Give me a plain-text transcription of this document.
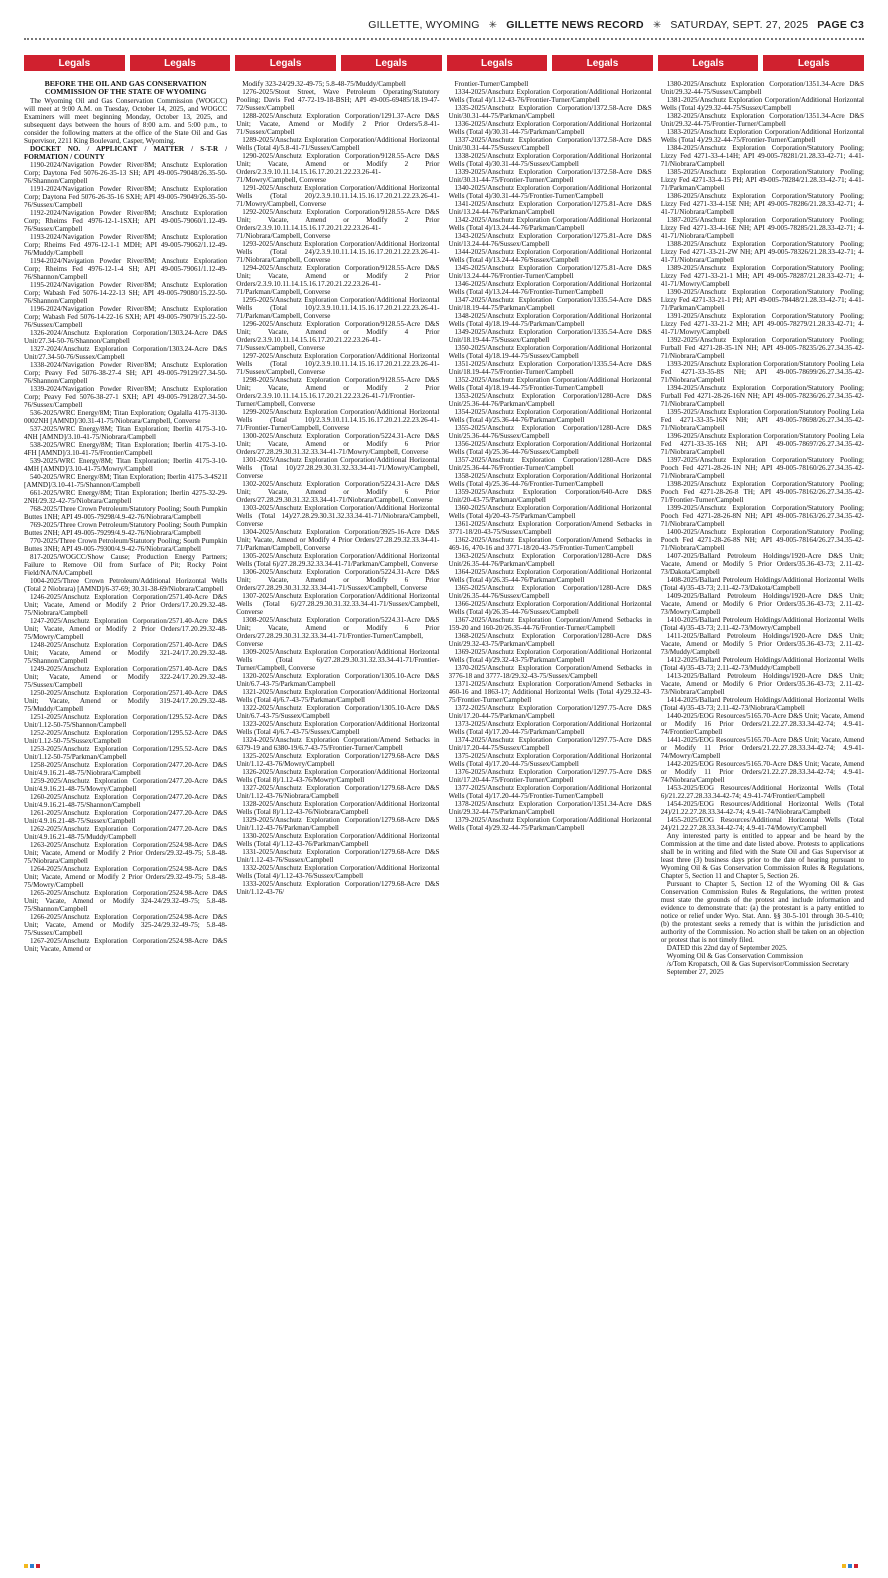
GILLETTE, WYOMING ✳ GILLETTE NEWS RECORD ✳ SATURDAY, SEPT. 27, 2025 PAGE C3
Legals	Legals	Legals	Legals	Legals	Legals	Legals	Legals

BEFORE THE OIL AND GAS CONSERVATION COMMISSION OF THE STATE OF WYOMING

The Wyoming Oil and Gas Conservation Commission (WOGCC) will meet at 9:00 A.M. on Tuesday, October 14, 2025, and WOGCC Examiners will meet beginning Monday, October 13, 2025, and subsequent days between the hours of 8:00 a.m. and 5:00 p.m., to consider the following matters at the office of the State Oil and Gas Supervisor, 2211 King Boulevard, Casper, Wyoming.

DOCKET NO. / APPLICANT / MATTER / S-T-R / FORMATION / COUNTY

1190-2024/Navigation Powder River/8M; Anschutz Exploration Corp; Daytona Fed 5076-26-35-13 SH; API 49-005-79048/26.35-50-76/Shannon/Campbell

1191-2024/Navigation Powder River/8M; Anschutz Exploration Corp; Daytona Fed 5076-26-35-16 SXH; API 49-005-79049/26.35-50-76/Sussex/Campbell

1192-2024/Navigation Powder River/8M; Anschutz Exploration Corp; Rheims Fed 4976-12-1-1SXH; API 49-005-79060/1.12-49-76/Sussex/Campbell

1193-2024/Navigation Powder River/8M; Anschutz Exploration Corp; Rheims Fed 4976-12-1-1 MDH; API 49-005-79062/1.12-49-76/Muddy/Campbell

1194-2024/Navigation Powder River/8M; Anschutz Exploration Corp; Rheims Fed 4976-12-1-4 SH; API 49-005-79061/1.12-49-76/Shannon/Campbell

1195-2024/Navigation Powder River/8M; Anschutz Exploration Corp; Wabash Fed 5076-14-22-13 SH; API 49-005-79080/15.22-50-76/Shannon/Campbell

1196-2024/Navigation Powder River/8M; Anschutz Exploration Corp; Wabash Fed 5076-14-22-16 SXH; API 49-005-79079/15.22-50-76/Sussex/Campbell

1326-2024/Anschutz Exploration Corporation/1303.24-Acre D&S Unit/27.34-50-76/Shannon/Campbell

1327-2024/Anschutz Exploration Corporation/1303.24-Acre D&S Unit/27.34-50-76/Sussex/Campbell

1338-2024/Navigation Powder River/8M; Anschutz Exploration Corp; Peavy Fed 5076-38-27-4 SH; API 49-005-79129/27.34-50-76/Shannon/Campbell

1339-2024/Navigation Powder River/8M; Anschutz Exploration Corp; Peavy Fed 5076-38-27-1 SXH; API 49-005-79128/27.34-50-76/Sussex/Campbell

536-2025/WRC Energy/8M; Titan Exploration; Ogalalla 4175-3130-0002NH [AMND]/30.31-41-75/Niobrara/Campbell, Converse

537-2025/WRC Energy/8M; Titan Exploration; Iberlin 4175-3-10-4NH [AMND]/3.10-41-75/Niobrara/Campbell

538-2025/WRC Energy/8M; Titan Exploration; Iberlin 4175-3-10-4FH [AMND]/3.10-41-75/Frontier/Campbell

539-2025/WRC Energy/8M; Titan Exploration; Iberlin 4175-3-10-4MH [AMND]/3.10-41-75/Mowry/Campbell

540-2025/WRC Energy/8M; Titan Exploration; Iberlin 4175-3-4S21I [AMND]/3.10-41-75/Shannon/Campbell

661-2025/WRC Energy/8M; Titan Exploration; Iberlin 4275-32-29-2NH/29.32-42-75/Niobrara/Campbell

768-2025/Three Crown Petroleum/Statutory Pooling; South Pumpkin Buttes 1NH; API 49-005-79298/4.9-42-76/Niobrara/Campbell

769-2025/Three Crown Petroleum/Statutory Pooling; South Pumpkin Buttes 2NH; API 49-005-79299/4.9-42-76/Niobrara/Campbell

770-2025/Three Crown Petroleum/Statutory Pooling; South Pumpkin Buttes 3NH; API 49-005-79300/4.9-42-76/Niobrara/Campbell

817-2025/WOGCC/Show Cause; Production Energy Partners; Failure to Remove Oil from Surface of Pit; Rocky Point Field/NA/NA/Campbell

1004-2025/Three Crown Petroleum/Additional Horizontal Wells (Total 2 Niobrara) [AMND]/6-37-69; 30.31-38-69/Niobrara/Campbell

1246-2025/Anschutz Exploration Corporation/2571.40-Acre D&S Unit; Vacate, Amend or Modify 2 Prior Orders/17.20.29.32-48-75/Niobrara/Campbell

1247-2025/Anschutz Exploration Corporation/2571.40-Acre D&S Unit; Vacate, Amend or Modify 2 Prior Orders/17.20.29.32-48-75/Mowry/Campbell

1248-2025/Anschutz Exploration Corporation/2571.40-Acre D&S Unit; Vacate, Amend or Modify 321-24/17.20.29.32-48-75/Shannon/Campbell

1249-2025/Anschutz Exploration Corporation/2571.40-Acre D&S Unit; Vacate, Amend or Modify 322-24/17.20.29.32-48-75/Sussex/Campbell

1250-2025/Anschutz Exploration Corporation/2571.40-Acre D&S Unit; Vacate, Amend or Modify 319-24/17.20.29.32-48-75/Muddy/Campbell

1251-2025/Anschutz Exploration Corporation/1295.52-Acre D&S Unit/1.12-50-75/Shannon/Campbell

1252-2025/Anschutz Exploration Corporation/1295.52-Acre D&S Unit/1.12-50-75/Sussex/Campbell

1253-2025/Anschutz Exploration Corporation/1295.52-Acre D&S Unit/1.12-50-75/Parkman/Campbell

1258-2025/Anschutz Exploration Corporation/2477.20-Acre D&S Unit/4.9.16.21-48-75/Niobrara/Campbell

1259-2025/Anschutz Exploration Corporation/2477.20-Acre D&S Unit/4.9.16.21-48-75/Mowry/Campbell

1260-2025/Anschutz Exploration Corporation/2477.20-Acre D&S Unit/4.9.16.21-48-75/Shannon/Campbell

1261-2025/Anschutz Exploration Corporation/2477.20-Acre D&S Unit/4.9.16.21-48-75/Sussex/Campbell

1262-2025/Anschutz Exploration Corporation/2477.20-Acre D&S Unit/4.9.16.21-48-75/Muddy/Campbell

1263-2025/Anschutz Exploration Corporation/2524.98-Acre D&S Unit; Vacate, Amend or Modify 2 Prior Orders/29.32-49-75; 5.8-48-75/Niobrara/Campbell

1264-2025/Anschutz Exploration Corporation/2524.98-Acre D&S Unit; Vacate, Amend or Modify 2 Prior Orders/29.32-49-75; 5.8-48-75/Mowry/Campbell

1265-2025/Anschutz Exploration Corporation/2524.98-Acre D&S Unit; Vacate, Amend or Modify 324-24/29.32-49-75; 5.8-48-75/Shannon/Campbell

1266-2025/Anschutz Exploration Corporation/2524.98-Acre D&S Unit; Vacate, Amend or Modify 325-24/29.32-49-75; 5.8-48-75/Sussex/Campbell

1267-2025/Anschutz Exploration Corporation/2524.98-Acre D&S Unit; Vacate, Amend or

Modify 323-24/29.32-49-75; 5.8-48-75/Muddy/Campbell

1276-2025/Stout Street, Wave Petroleum Operating/Statutory Pooling; Davis Fed 47-72-19-18-BSH; API 49-005-69485/18.19-47-72/Sussex/Campbell

1288-2025/Anschutz Exploration Corporation/1291.37-Acre D&S Unit; Vacate, Amend or Modify 2 Prior Orders/5.8-41-71/Sussex/Campbell

1289-2025/Anschutz Exploration Corporation/Additional Horizontal Wells (Total 4)/5.8-41-71/Sussex/Campbell

1290-2025/Anschutz Exploration Corporation/9128.55-Acre D&S Unit; Vacate, Amend or Modify 2 Prior Orders/2.3.9.10.11.14.15.16.17.20.21.22.23.26-41-71/Mowry/Campbell, Converse

1291-2025/Anschutz Exploration Corporation/Additional Horizontal Wells (Total 20)/2.3.9.10.11.14.15.16.17.20.21.22.23.26-41-71/Mowry/Campbell, Converse

1292-2025/Anschutz Exploration Corporation/9128.55-Acre D&S Unit; Vacate, Amend or Modify 2 Prior Orders/2.3.9.10.11.14.15.16.17.20.21.22.23.26-41-71/Niobrara/Campbell, Converse

1293-2025/Anschutz Exploration Corporation/Additional Horizontal Wells (Total 24)/2.3.9.10.11.14.15.16.17.20.21.22.23.26-41-71/Niobrara/Campbell, Converse

1294-2025/Anschutz Exploration Corporation/9128.55-Acre D&S Unit; Vacate, Amend or Modify 2 Prior Orders/2.3.9.10.11.14.15.16.17.20.21.22.23.26-41-71/Parkman/Campbell, Converse

1295-2025/Anschutz Exploration Corporation/Additional Horizontal Wells (Total 10)/2.3.9.10.11.14.15.16.17.20.21.22.23.26-41-71/Parkman/Campbell, Converse

1296-2025/Anschutz Exploration Corporation/9128.55-Acre D&S Unit; Vacate, Amend or Modify 4 Prior Orders/2.3.9.10.11.14.15.16.17.20.21.22.23.26-41-71/Sussex/Campbell, Converse

1297-2025/Anschutz Exploration Corporation/Additional Horizontal Wells (Total 10)/2.3.9.10.11.14.15.16.17.20.21.22.23.26-41-71/Sussex/Campbell, Converse

1298-2025/Anschutz Exploration Corporation/9128.55-Acre D&S Unit; Vacate, Amend or Modify 2 Prior Orders/2.3.9.10.11.14.15.16.17.20.21.22.23.26-41-71/Frontier-Turner/Campbell, Converse

1299-2025/Anschutz Exploration Corporation/Additional Horizontal Wells (Total 10)/2.3.9.10.11.14.15.16.17.20.21.22.23.26-41-71/Frontier-Turner/Campbell, Converse

1300-2025/Anschutz Exploration Corporation/5224.31-Acre D&S Unit; Vacate, Amend or Modify 6 Prior Orders/27.28.29.30.31.32.33.34-41-71/Mowry/Campbell, Converse

1301-2025/Anschutz Exploration Corporation/Additional Horizontal Wells (Total 10)/27.28.29.30.31.32.33.34-41-71/Mowry/Campbell, Converse

1302-2025/Anschutz Exploration Corporation/5224.31-Acre D&S Unit; Vacate, Amend or Modify 6 Prior Orders/27.28.29.30.31.32.33.34-41-71/Niobrara/Campbell, Converse

1303-2025/Anschutz Exploration Corporation/Additional Horizontal Wells (Total 14)/27.28.29.30.31.32.33.34-41-71/Niobrara/Campbell, Converse

1304-2025/Anschutz Exploration Corporation/3925-16-Acre D&S Unit; Vacate, Amend or Modify 4 Prior Orders/27.28.29.32.33.34-41-71/Parkman/Campbell, Converse

1305-2025/Anschutz Exploration Corporation/Additional Horizontal Wells (Total 6)/27.28.29.32.33.34-41-71/Parkman/Campbell, Converse

1306-2025/Anschutz Exploration Corporation/5224.31-Acre D&S Unit; Vacate, Amend or Modify 6 Prior Orders/27.28.29.30.31.32.33.34-41-71/Sussex/Campbell, Converse

1307-2025/Anschutz Exploration Corporation/Additional Horizontal Wells (Total 6)/27.28.29.30.31.32.33.34-41-71/Sussex/Campbell, Converse

1308-2025/Anschutz Exploration Corporation/5224.31-Acre D&S Unit; Vacate, Amend or Modify 6 Prior Orders/27.28.29.30.31.32.33.34-41-71/Frontier-Turner/Campbell, Converse

1309-2025/Anschutz Exploration Corporation/Additional Horizontal Wells (Total 6)/27.28.29.30.31.32.33.34-41-71/Frontier-Turner/Campbell, Converse

1320-2025/Anschutz Exploration Corporation/1305.10-Acre D&S Unit/6.7-43-75/Parkman/Campbell

1321-2025/Anschutz Exploration Corporation/Additional Horizontal Wells (Total 4)/6.7-43-75/Parkman/Campbell

1322-2025/Anschutz Exploration Corporation/1305.10-Acre D&S Unit/6.7-43-75/Sussex/Campbell

1323-2025/Anschutz Exploration Corporation/Additional Horizontal Wells (Total 4)/6.7-43-75/Sussex/Campbell

1324-2025/Anschutz Exploration Corporation/Amend Setbacks in 6379-19 and 6380-19/6.7-43-75/Frontier-Turner/Campbell

1325-2025/Anschutz Exploration Corporation/1279.68-Acre D&S Unit/1.12-43-76/Mowry/Campbell

1326-2025/Anschutz Exploration Corporation/Additional Horizontal Wells (Total 8)/1.12-43-76/Mowry/Campbell

1327-2025/Anschutz Exploration Corporation/1279.68-Acre D&S Unit/1.12-43-76/Niobrara/Campbell

1328-2025/Anschutz Exploration Corporation/Additional Horizontal Wells (Total 8)/1.12-43-76/Niobrara/Campbell

1329-2025/Anschutz Exploration Corporation/1279.68-Acre D&S Unit/1.12-43-76/Parkman/Campbell

1330-2025/Anschutz Exploration Corporation/Additional Horizontal Wells (Total 4)/1.12-43-76/Parkman/Campbell

1331-2025/Anschutz Exploration Corporation/1279.68-Acre D&S Unit/1.12-43-76/Sussex/Campbell

1332-2025/Anschutz Exploration Corporation/Additional Horizontal Wells (Total 4)/1.12-43-76/Sussex/Campbell

1333-2025/Anschutz Exploration Corporation/1279.68-Acre D&S Unit/1.12-43-76/

Frontier-Turner/Campbell

1334-2025/Anschutz Exploration Corporation/Additional Horizontal Wells (Total 4)/1.12-43-76/Frontier-Turner/Campbell

1335-2025/Anschutz Exploration Corporation/1372.58-Acre D&S Unit/30.31-44-75/Parkman/Campbell

1336-2025/Anschutz Exploration Corporation/Additional Horizontal Wells (Total 4)/30.31-44-75/Parkman/Campbell

1337-2025/Anschutz Exploration Corporation/1372.58-Acre D&S Unit/30.31-44-75/Sussex/Campbell

1338-2025/Anschutz Exploration Corporation/Additional Horizontal Wells (Total 4)/30.31-44-75/Sussex/Campbell

1339-2025/Anschutz Exploration Corporation/1372.58-Acre D&S Unit/30.31-44-75/Frontier-Turner/Campbell

1340-2025/Anschutz Exploration Corporation/Additional Horizontal Wells (Total 4)/30.31-44-75/Frontier-Turner/Campbell

1341-2025/Anschutz Exploration Corporation/1275.81-Acre D&S Unit/13.24-44-76/Parkman/Campbell

1342-2025/Anschutz Exploration Corporation/Additional Horizontal Wells (Total 4)/13.24-44-76/Parkman/Campbell

1343-2025/Anschutz Exploration Corporation/1275.81-Acre D&S Unit/13.24-44-76/Sussex/Campbell

1344-2025/Anschutz Exploration Corporation/Additional Horizontal Wells (Total 4)/13.24-44-76/Sussex/Campbell

1345-2025/Anschutz Exploration Corporation/1275.81-Acre D&S Unit/13.24-44-76/Frontier-Turner/Campbell

1346-2025/Anschutz Exploration Corporation/Additional Horizontal Wells (Total 4)/13.24-44-76/Frontier-Turner/Campbell

1347-2025/Anschutz Exploration Corporation/1335.54-Acre D&S Unit/18.19-44-75/Parkman/Campbell

1348-2025/Anschutz Exploration Corporation/Additional Horizontal Wells (Total 4)/18.19-44-75/Parkman/Campbell

1349-2025/Anschutz Exploration Corporation/1335.54-Acre D&S Unit/18.19-44-75/Sussex/Campbell

1350-2025/Anschutz Exploration Corporation/Additional Horizontal Wells (Total 4)/18.19-44-75/Sussex/Campbell

1351-2025/Anschutz Exploration Corporation/1335.54-Acre D&S Unit/18.19-44-75/Frontier-Turner/Campbell

1352-2025/Anschutz Exploration Corporation/Additional Horizontal Wells (Total 4)/18.19-44-75/Frontier-Turner/Campbell

1353-2025/Anschutz Exploration Corporation/1280-Acre D&S Unit/25.36-44-76/Parkman/Campbell

1354-2025/Anschutz Exploration Corporation/Additional Horizontal Wells (Total 4)/25.36-44-76/Parkman/Campbell

1355-2025/Anschutz Exploration Corporation/1280-Acre D&S Unit/25.36-44-76/Sussex/Campbell

1356-2025/Anschutz Exploration Corporation/Additional Horizontal Wells (Total 4)/25.36-44-76/Sussex/Campbell

1357-2025/Anschutz Exploration Corporation/1280-Acre D&S Unit/25.36-44-76/Frontier-Turner/Campbell

1358-2025/Anschutz Exploration Corporation/Additional Horizontal Wells (Total 4)/25.36-44-76/Frontier-Turner/Campbell

1359-2025/Anschutz Exploration Corporation/640-Acre D&S Unit/20-43-75/Parkman/Campbell

1360-2025/Anschutz Exploration Corporation/Additional Horizontal Wells (Total 4)/20-43-75/Parkman/Campbell

1361-2025/Anschutz Exploration Corporation/Amend Setbacks in 3771-18/20-43-75/Sussex/Campbell

1362-2025/Anschutz Exploration Corporation/Amend Setbacks in 469-16, 470-16 and 3771-18/20-43-75/Frontier-Turner/Campbell

1363-2025/Anschutz Exploration Corporation/1280-Acre D&S Unit/26.35-44-76/Parkman/Campbell

1364-2025/Anschutz Exploration Corporation/Additional Horizontal Wells (Total 4)/26.35-44-76/Parkman/Campbell

1365-2025/Anschutz Exploration Corporation/1280-Acre D&S Unit/26.35-44-76/Sussex/Campbell

1366-2025/Anschutz Exploration Corporation/Additional Horizontal Wells (Total 4)/26.35-44-76/Sussex/Campbell

1367-2025/Anschutz Exploration Corporation/Amend Setbacks in 159-20 and 160-20/26.35-44-76/Frontier-Turner/Campbell

1368-2025/Anschutz Exploration Corporation/1280-Acre D&S Unit/29.32-43-75/Parkman/Campbell

1369-2025/Anschutz Exploration Corporation/Additional Horizontal Wells (Total 4)/29.32-43-75/Parkman/Campbell

1370-2025/Anschutz Exploration Corporation/Amend Setbacks in 3776-18 and 3777-18/29.32-43-75/Sussex/Campbell

1371-2025/Anschutz Exploration Corporation/Amend Setbacks in 460-16 and 1863-17; Additional Horizontal Wells (Total 4)/29.32-43-75/Frontier-Turner/Campbell

1372-2025/Anschutz Exploration Corporation/1297.75-Acre D&S Unit/17.20-44-75/Parkman/Campbell

1373-2025/Anschutz Exploration Corporation/Additional Horizontal Wells (Total 4)/17.20-44-75/Parkman/Campbell

1374-2025/Anschutz Exploration Corporation/1297.75-Acre D&S Unit/17.20-44-75/Sussex/Campbell

1375-2025/Anschutz Exploration Corporation/Additional Horizontal Wells (Total 4)/17.20-44-75/Sussex/Campbell

1376-2025/Anschutz Exploration Corporation/1297.75-Acre D&S Unit/17.20-44-75/Frontier-Turner/Campbell

1377-2025/Anschutz Exploration Corporation/Additional Horizontal Wells (Total 4)/17.20-44-75/Frontier-Turner/Campbell

1378-2025/Anschutz Exploration Corporation/1351.34-Acre D&S Unit/29.32-44-75/Parkman/Campbell

1379-2025/Anschutz Exploration Corporation/Additional Horizontal Wells (Total 4)/29.32-44-75/Parkman/Campbell

1380-2025/Anschutz Exploration Corporation/1351.34-Acre D&S Unit/29.32-44-75/Sussex/Campbell

1381-2025/Anschutz Exploration Corporation/Additional Horizontal Wells (Total 4)/29.32-44-75/Sussex/Campbell

1382-2025/Anschutz Exploration Corporation/1351.34-Acre D&S Unit/29.32-44-75/Frontier-Turner/Campbell

1383-2025/Anschutz Exploration Corporation/Additional Horizontal Wells (Total 4)/29.32-44-75/Frontier-Turner/Campbell

1384-2025/Anschutz Exploration Corporation/Statutory Pooling; Lizzy Fed 4271-33-4-14H; API 49-005-78281/21.28.33-42-71; 4-41-71/Niobrara/Campbell

1385-2025/Anschutz Exploration Corporation/Statutory Pooling; Lizzy Fed 4271-33-4-15 PH; API 49-005-78284/21.28.33-42-71; 4-41-71/Parkman/Campbell

1386-2025/Anschutz Exploration Corporation/Statutory Pooling; Lizzy Fed 4271-33-4-15E NH; API 49-005-78286/21.28.33-42-71; 4-41-71/Niobrara/Campbell

1387-2025/Anschutz Exploration Corporation/Statutory Pooling; Lizzy Fed 4271-33-4-16E NH; API 49-005-78285/21.28.33-42-71; 4-41-71/Niobrara/Campbell

1388-2025/Anschutz Exploration Corporation/Statutory Pooling; Lizzy Fed 4271-33-21-2W NH; API 49-005-78326/21.28.33-42-71; 4-41-71/Niobrara/Campbell

1389-2025/Anschutz Exploration Corporation/Statutory Pooling; Lizzy Fed 4271-33-21-1 MH; API 49-005-78287/21.28.33-42-71; 4-41-71/Mowry/Campbell

1390-2025/Anschutz Exploration Corporation/Statutory Pooling; Lizzy Fed 4271-33-21-1 PH; API 49-005-78448/21.28.33-42-71; 4-41-71/Parkman/Campbell

1391-2025/Anschutz Exploration Corporation/Statutory Pooling; Lizzy Fed 4271-33-21-2 MH; API 49-005-78279/21.28.33-42-71; 4-41-71/Mowry/Campbell

1392-2025/Anschutz Exploration Corporation/Statutory Pooling; Furball Fed 4271-28-35-1N NH; API 49-005-78235/26.27.34.35-42-71/Niobrara/Campbell

1393-2025/Anschutz Exploration Corporation/Statutory Pooling Leia Fed 4271-33-35-8S NH; API 49-005-78699/26.27.34.35-42-71/Niobrara/Campbell

1394-2025/Anschutz Exploration Corporation/Statutory Pooling; Furball Fed 4271-28-26-16N NH; API 49-005-78236/26.27.34.35-42-71/Niobrara/Campbell

1395-2025/Anschutz Exploration Corporation/Statutory Pooling Leia Fed 4271-33-35-16N NH; API 49-005-78698/26.27.34.35-42-71/Niobrara/Campbell

1396-2025/Anschutz Exploration Corporation/Statutory Pooling Leia Fed 4271-33-35-16S NH; API 49-005-78697/26.27.34.35-42-71/Niobrara/Campbell

1397-2025/Anschutz Exploration Corporation/Statutory Pooling; Pooch Fed 4271-28-26-1N NH; API 49-005-78160/26.27.34.35-42-71/Niobrara/Campbell

1398-2025/Anschutz Exploration Corporation/Statutory Pooling; Pooch Fed 4271-28-26-8 TH; API 49-005-78162/26.27.34.35-42-71/Frontier-Turner/Campbell

1399-2025/Anschutz Exploration Corporation/Statutory Pooling; Pooch Fed 4271-28-26-8N NH; API 49-005-78163/26.27.34.35-42-71/Niobrara/Campbell

1400-2025/Anschutz Exploration Corporation/Statutory Pooling; Pooch Fed 4271-28-26-8S NH; API 49-005-78164/26.27.34.35-42-71/Niobrara/Campbell

1407-2025/Ballard Petroleum Holdings/1920-Acre D&S Unit; Vacate, Amend or Modify 5 Prior Orders/35.36-43-73; 2.11-42-73/Dakota/Campbell

1408-2025/Ballard Petroleum Holdings/Additional Horizontal Wells (Total 4)/35-43-73; 2.11-42-73/Dakota/Campbell

1409-2025/Ballard Petroleum Holdings/1920-Acre D&S Unit; Vacate, Amend or Modify 6 Prior Orders/35.36-43-73; 2.11-42-73/Mowry/Campbell

1410-2025/Ballard Petroleum Holdings/Additional Horizontal Wells (Total 4)/35-43-73; 2.11-42-73/Mowry/Campbell

1411-2025/Ballard Petroleum Holdings/1920-Acre D&S Unit; Vacate, Amend or Modify 5 Prior Orders/35.36-43-73; 2.11-42-73/Muddy/Campbell

1412-2025/Ballard Petroleum Holdings/Additional Horizontal Wells (Total 4)/35-43-73; 2.11-42-73/Muddy/Campbell

1413-2025/Ballard Petroleum Holdings/1920-Acre D&S Unit; Vacate, Amend or Modify 6 Prior Orders/35.36-43-73; 2.11-42-73/Niobrara/Campbell

1414-2025/Ballard Petroleum Holdings/Additional Horizontal Wells (Total 4)/35-43-73; 2.11-42-73/Niobrara/Campbell

1440-2025/EOG Resources/5165.70-Acre D&S Unit; Vacate, Amend or Modify 16 Prior Orders/21.22.27.28.33.34-42-74; 4.9-41-74/Frontier/Campbell

1441-2025/EOG Resources/5165.70-Acre D&S Unit; Vacate, Amend or Modify 11 Prior Orders/21.22.27.28.33.34-42-74; 4.9-41-74/Mowry/Campbell

1442-2025/EOG Resources/5165.70-Acre D&S Unit; Vacate, Amend or Modify 11 Prior Orders/21.22.27.28.33.34-42-74; 4.9-41-74/Niobrara/Campbell

1453-2025/EOG Resources/Additional Horizontal Wells (Total 6)/21.22.27.28.33.34-42-74; 4.9-41-74/Frontier/Campbell

1454-2025/EOG Resources/Additional Horizontal Wells (Total 24)/21.22.27.28.33.34-42-74; 4.9-41-74/Niobrara/Campbell

1455-2025/EOG Resources/Additional Horizontal Wells (Total 24)/21.22.27.28.33.34-42-74; 4.9-41-74/Mowry/Campbell

Any interested party is entitled to appear and be heard by the Commission at the time and date listed above. Protests to applications shall be in writing and filed with the State Oil and Gas Supervisor at least three (3) business days prior to the date of hearing pursuant to Wyoming Oil & Gas Conservation Commission Rules & Regulations, Chapter 5, Section 11 and Chapter 5, Section 26.

Pursuant to Chapter 5, Section 12 of the Wyoming Oil & Gas Conservation Commission Rules & Regulations, the written protest must state the grounds of the protest and include information and evidence to demonstrate that: (a) the protestant is a party entitled to notice or relief under Wyo. Stat. Ann. §§ 30-5-101 through 30-5-410; (b) the protestant seeks a remedy that is within the jurisdiction and authority of the Commission. No action shall be taken on an objection or protest that is not timely filed.

DATED this 22nd day of September 2025.

Wyoming Oil & Gas Conservation Commission

/s/Tom Kropatsch, Oil & Gas Supervisor/Commission Secretary

September 27, 2025
